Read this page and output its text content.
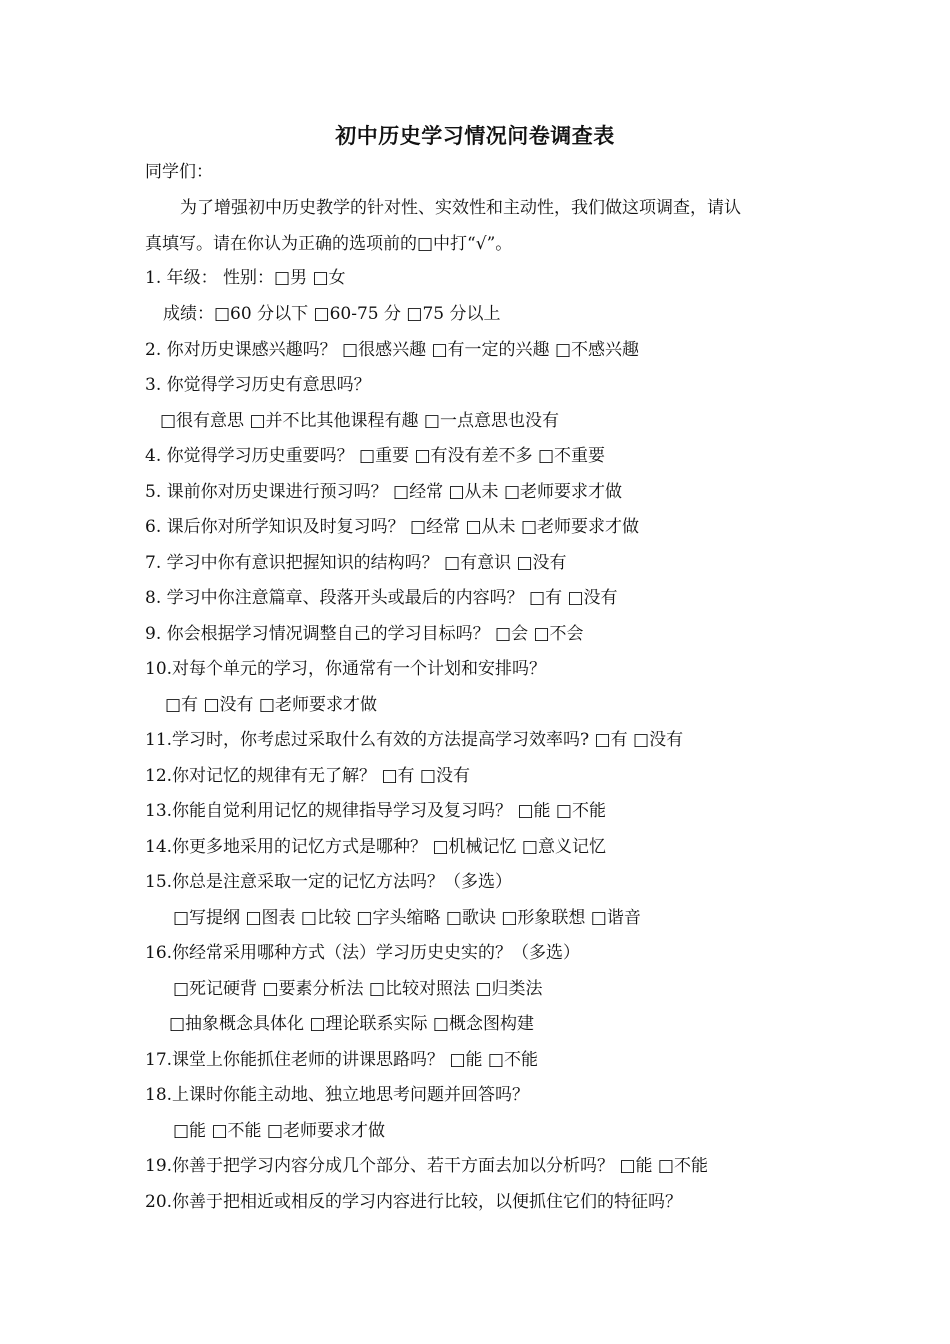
初中历史学习情况问卷调查表
同学们：
为了增强初中历史教学的针对性、实效性和主动性，我们做这项调查，请认
真填写。请在你认为正确的选项前的□中打“√”。
1. 年级： 性别：□男 □女
成绩：□60 分以下 □60-75 分 □75 分以上
2. 你对历史课感兴趣吗？ □很感兴趣 □有一定的兴趣 □不感兴趣
3. 你觉得学习历史有意思吗？
□很有意思 □并不比其他课程有趣 □一点意思也没有
4. 你觉得学习历史重要吗？ □重要 □有没有差不多 □不重要
5. 课前你对历史课进行预习吗？ □经常 □从未 □老师要求才做
6. 课后你对所学知识及时复习吗？ □经常 □从未 □老师要求才做
7. 学习中你有意识把握知识的结构吗？ □有意识 □没有
8. 学习中你注意篇章、段落开头或最后的内容吗？ □有 □没有
9. 你会根据学习情况调整自己的学习目标吗？ □会 □不会
10.对每个单元的学习，你通常有一个计划和安排吗？
□有 □没有 □老师要求才做
11.学习时，你考虑过采取什么有效的方法提高学习效率吗? □有 □没有
12.你对记忆的规律有无了解？ □有 □没有
13.你能自觉利用记忆的规律指导学习及复习吗？ □能 □不能
14.你更多地采用的记忆方式是哪种？ □机械记忆 □意义记忆
15.你总是注意采取一定的记忆方法吗？（多选）
□写提纲 □图表 □比较 □字头缩略 □歌诀 □形象联想 □谐音
16.你经常采用哪种方式（法）学习历史史实的？（多选）
□死记硬背 □要素分析法 □比较对照法 □归类法
□抽象概念具体化 □理论联系实际 □概念图构建
17.课堂上你能抓住老师的讲课思路吗？ □能 □不能
18.上课时你能主动地、独立地思考问题并回答吗？
□能 □不能 □老师要求才做
19.你善于把学习内容分成几个部分、若干方面去加以分析吗？ □能 □不能
20.你善于把相近或相反的学习内容进行比较，以便抓住它们的特征吗？
